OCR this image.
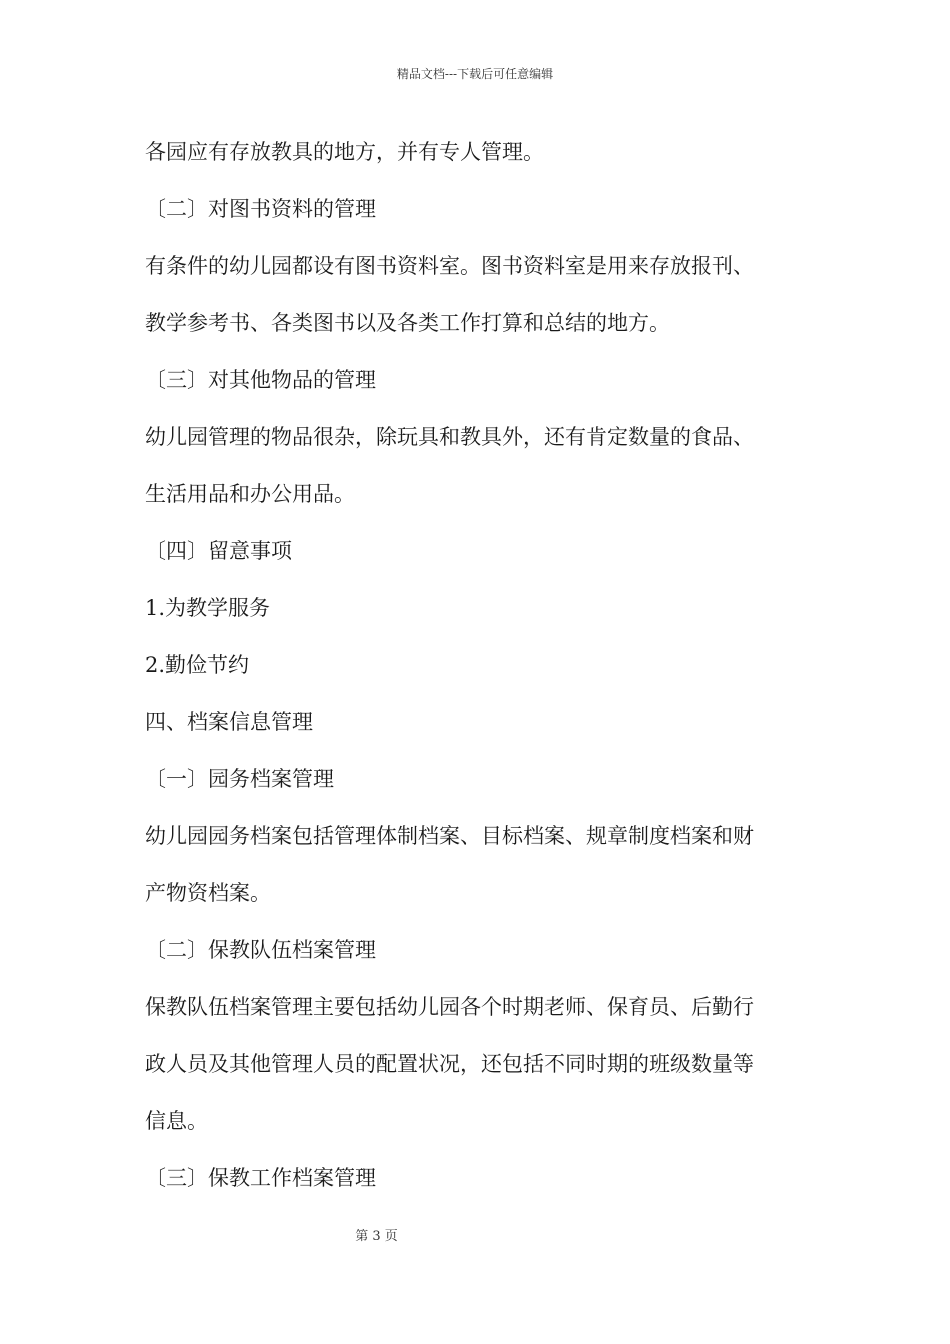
精品文档---下载后可任意编辑
各园应有存放教具的地方，并有专人管理。
〔二〕对图书资料的管理
有条件的幼儿园都设有图书资料室。图书资料室是用来存放报刊、
教学参考书、各类图书以及各类工作打算和总结的地方。
〔三〕对其他物品的管理
幼儿园管理的物品很杂，除玩具和教具外，还有肯定数量的食品、
生活用品和办公用品。
〔四〕留意事项
1.为教学服务
2.勤俭节约
四、档案信息管理
〔一〕园务档案管理
幼儿园园务档案包括管理体制档案、目标档案、规章制度档案和财
产物资档案。
〔二〕保教队伍档案管理
保教队伍档案管理主要包括幼儿园各个时期老师、保育员、后勤行
政人员及其他管理人员的配置状况，还包括不同时期的班级数量等
信息。
〔三〕保教工作档案管理
第 3 页
